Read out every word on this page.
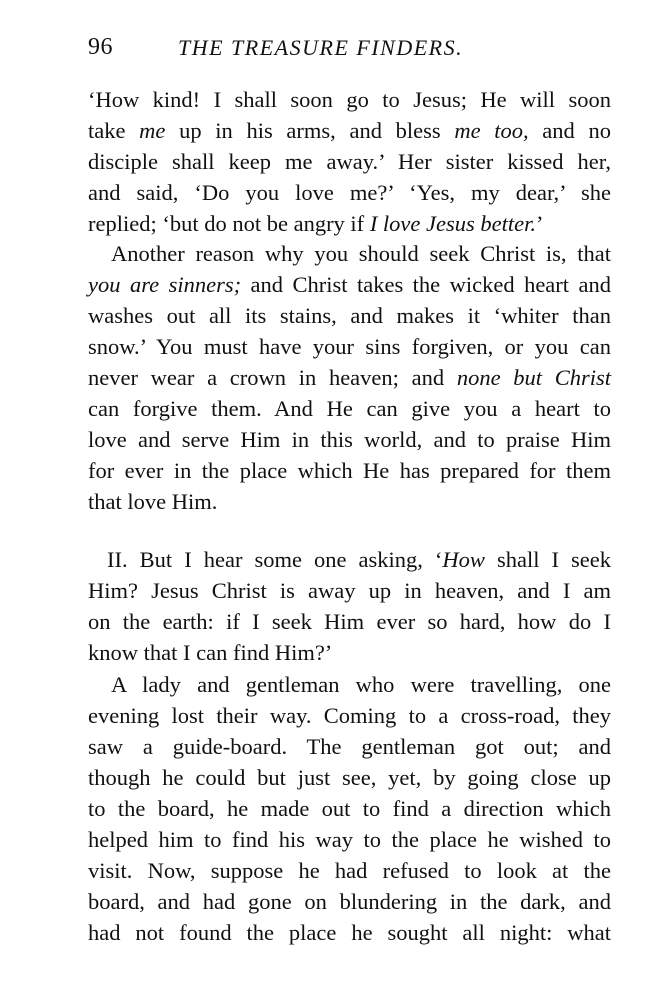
96	THE TREASURE FINDERS.
‘How kind! I shall soon go to Jesus; He will soon
take me up in his arms, and bless me too, and no
disciple shall keep me away.’ Her sister kissed her,
and said, ‘Do you love me?’ ‘Yes, my dear,’ she
replied; ‘but do not be angry if I love Jesus better.’
Another reason why you should seek Christ is, that
you are sinners; and Christ takes the wicked heart and
washes out all its stains, and makes it ‘whiter than
snow.’ You must have your sins forgiven, or you can
never wear a crown in heaven; and none but Christ
can forgive them. And He can give you a heart to
love and serve Him in this world, and to praise Him
for ever in the place which He has prepared for them
that love Him.
II. But I hear some one asking, ‘How shall I seek
Him? Jesus Christ is away up in heaven, and I am
on the earth: if I seek Him ever so hard, how do I
know that I can find Him?’
A lady and gentleman who were travelling, one
evening lost their way. Coming to a cross-road, they
saw a guide-board. The gentleman got out; and
though he could but just see, yet, by going close up
to the board, he made out to find a direction which
helped him to find his way to the place he wished to
visit. Now, suppose he had refused to look at the
board, and had gone on blundering in the dark, and
had not found the place he sought all night: what
